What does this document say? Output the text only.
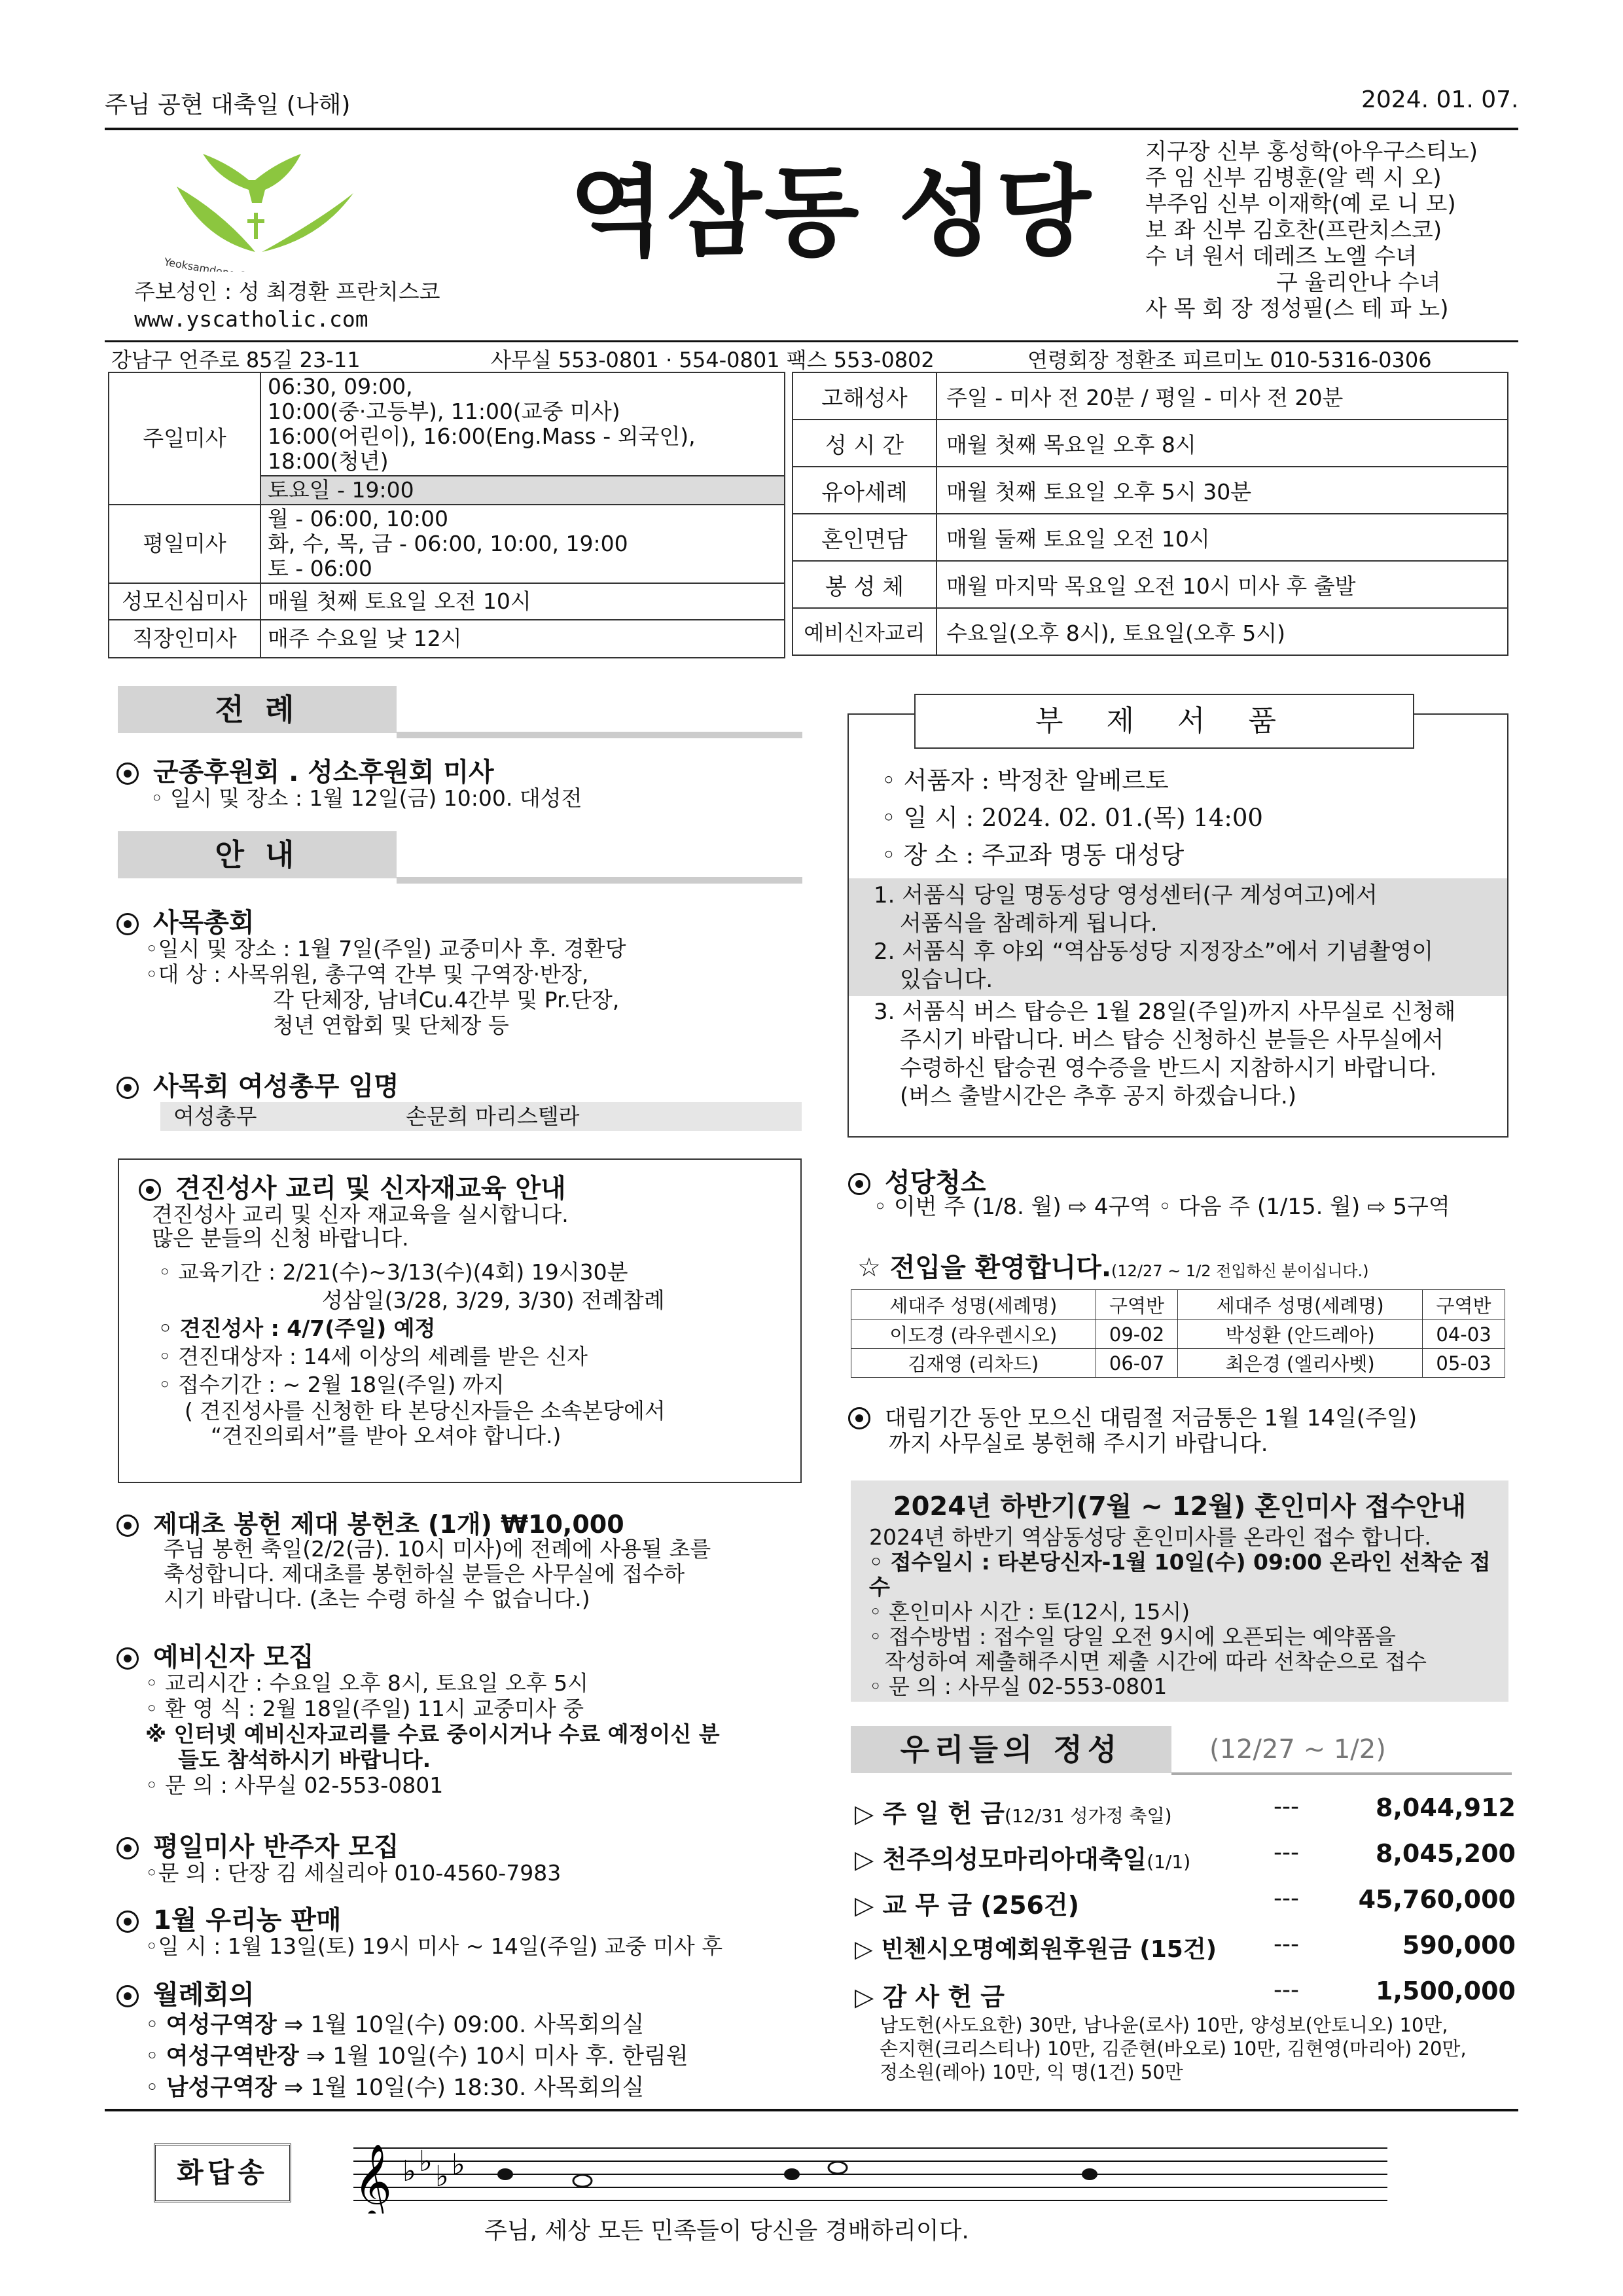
주님 공현 대축일 (나해)	2024. 01. 07.
역삼동 성당
주보성인 : 성 최경환 프란치스코
www.yscatholic.com
지구장 신부 홍성학(아우구스티노)
주 임 신부 김병훈(알 렉 시 오)
부주임 신부 이재학(예 로 니 모)
보 좌 신부 김호찬(프란치스코)
수 녀 원서 데레즈 노엘 수녀
구 율리안나 수녀
사 목 회 장 정성필(스 테 파 노)
강남구 언주로 85길 23-11	사무실 553-0801 · 554-0801 팩스 553-0802	연령회장 정환조 피르미노 010-5316-0306
주일미사	06:30, 09:00,
10:00(중·고등부), 11:00(교중 미사)
16:00(어린이), 16:00(Eng.Mass - 외국인), 18:00(청년)

	토요일 - 19:00
평일미사	월 - 06:00, 10:00
화, 수, 목, 금 - 06:00, 10:00, 19:00
토 - 06:00

성모신심미사	매월 첫째 토요일 오전 10시
직장인미사	매주 수요일 낮 12시
고해성사	주일 - 미사 전 20분 / 평일 - 미사 전 20분
성 시 간	매월 첫째 목요일 오후 8시
유아세례	매월 첫째 토요일 오후 5시 30분
혼인면담	매월 둘째 토요일 오전 10시
봉 성 체	매월 마지막 목요일 오전 10시 미사 후 출발
예비신자교리	수요일(오후 8시), 토요일(오후 5시)
전 례
군종후원회 . 성소후원회 미사
◦ 일시 및 장소 : 1월 12일(금) 10:00. 대성전
안 내
사목총회
◦일시 및 장소 : 1월 7일(주일) 교중미사 후. 경환당
◦대 상 : 사목위원, 총구역 간부 및 구역장·반장,
각 단체장, 남녀Cu.4간부 및 Pr.단장,
청년 연합회 및 단체장 등
사목회 여성총무 임명
여성총무	손문희 마리스텔라
견진성사 교리 및 신자재교육 안내
견진성사 교리 및 신자 재교육을 실시합니다.
많은 분들의 신청 바랍니다.
◦ 교육기간 : 2/21(수)~3/13(수)(4회) 19시30분
성삼일(3/28, 3/29, 3/30) 전례참례
◦ 견진성사 : 4/7(주일) 예정
◦ 견진대상자 : 14세 이상의 세례를 받은 신자
◦ 접수기간 : ~ 2월 18일(주일) 까지
( 견진성사를 신청한 타 본당신자들은 소속본당에서
“견진의뢰서”를 받아 오셔야 합니다.)
제대초 봉헌 제대 봉헌초 (1개) ₩10,000
주님 봉헌 축일(2/2(금). 10시 미사)에 전례에 사용될 초를
축성합니다. 제대초를 봉헌하실 분들은 사무실에 접수하
시기 바랍니다. (초는 수령 하실 수 없습니다.)
예비신자 모집
◦ 교리시간 : 수요일 오후 8시, 토요일 오후 5시
◦ 환 영 식 : 2월 18일(주일) 11시 교중미사 중
※ 인터넷 예비신자교리를 수료 중이시거나 수료 예정이신 분
들도 참석하시기 바랍니다.
◦ 문 의 : 사무실 02-553-0801
평일미사 반주자 모집
◦문 의 : 단장 김 세실리아 010-4560-7983
1월 우리농 판매
◦일 시 : 1월 13일(토) 19시 미사 ~ 14일(주일) 교중 미사 후
월례회의
◦ 여성구역장 ⇒ 1월 10일(수) 09:00. 사목회의실
◦ 여성구역반장 ⇒ 1월 10일(수) 10시 미사 후. 한림원
◦ 남성구역장 ⇒ 1월 10일(수) 18:30. 사목회의실
부 제 서 품
◦ 서품자 : 박정찬 알베르토
◦ 일 시 : 2024. 02. 01.(목) 14:00
◦ 장 소 : 주교좌 명동 대성당
1. 서품식 당일 명동성당 영성센터(구 계성여고)에서
서품식을 참례하게 됩니다.
2. 서품식 후 야외 “역삼동성당 지정장소”에서 기념촬영이
있습니다.
3. 서품식 버스 탑승은 1월 28일(주일)까지 사무실로 신청해
주시기 바랍니다. 버스 탑승 신청하신 분들은 사무실에서
수령하신 탑승권 영수증을 반드시 지참하시기 바랍니다.
(버스 출발시간은 추후 공지 하겠습니다.)
성당청소
◦ 이번 주 (1/8. 월) ⇨ 4구역 ◦ 다음 주 (1/15. 월) ⇨ 5구역
☆ 전입을 환영합니다.(12/27 ~ 1/2 전입하신 분이십니다.)
세대주 성명(세례명)	구역반	세대주 성명(세례명)	구역반
이도경 (라우렌시오)	09-02	박성환 (안드레아)	04-03
김재영 (리차드)	06-07	최은경 (엘리사벳)	05-03
대림기간 동안 모으신 대림절 저금통은 1월 14일(주일)
까지 사무실로 봉헌해 주시기 바랍니다.
2024년 하반기(7월 ~ 12월) 혼인미사 접수안내
2024년 하반기 역삼동성당 혼인미사를 온라인 접수 합니다.
◦ 접수일시 : 타본당신자-1월 10일(수) 09:00 온라인 선착순 접수
◦ 혼인미사 시간 : 토(12시, 15시)
◦ 접수방법 : 접수일 당일 오전 9시에 오픈되는 예약폼을
작성하여 제출해주시면 제출 시간에 따라 선착순으로 접수
◦ 문 의 : 사무실 02-553-0801
우리들의 정성	(12/27 ~ 1/2)
▷ 주 일 헌 금(12/31 성가정 축일)	---	8,044,912
▷ 천주의성모마리아대축일(1/1)	---	8,045,200
▷ 교 무 금 (256건)	--- 45,760,000
▷ 빈첸시오명예회원후원금 (15건) ---	590,000
▷ 감 사 헌 금	---	1,500,000
남도헌(사도요한) 30만, 남나윤(로사) 10만, 양성보(안토니오) 10만,
손지현(크리스티나) 10만, 김준현(바오로) 10만, 김현영(마리아) 20만,
정소원(레아) 10만, 익 명(1건) 50만
화답송	𝄞 ♭ ♭ ♭ ♭
주님, 세상 모든 민족들이 당신을 경배하리이다.
